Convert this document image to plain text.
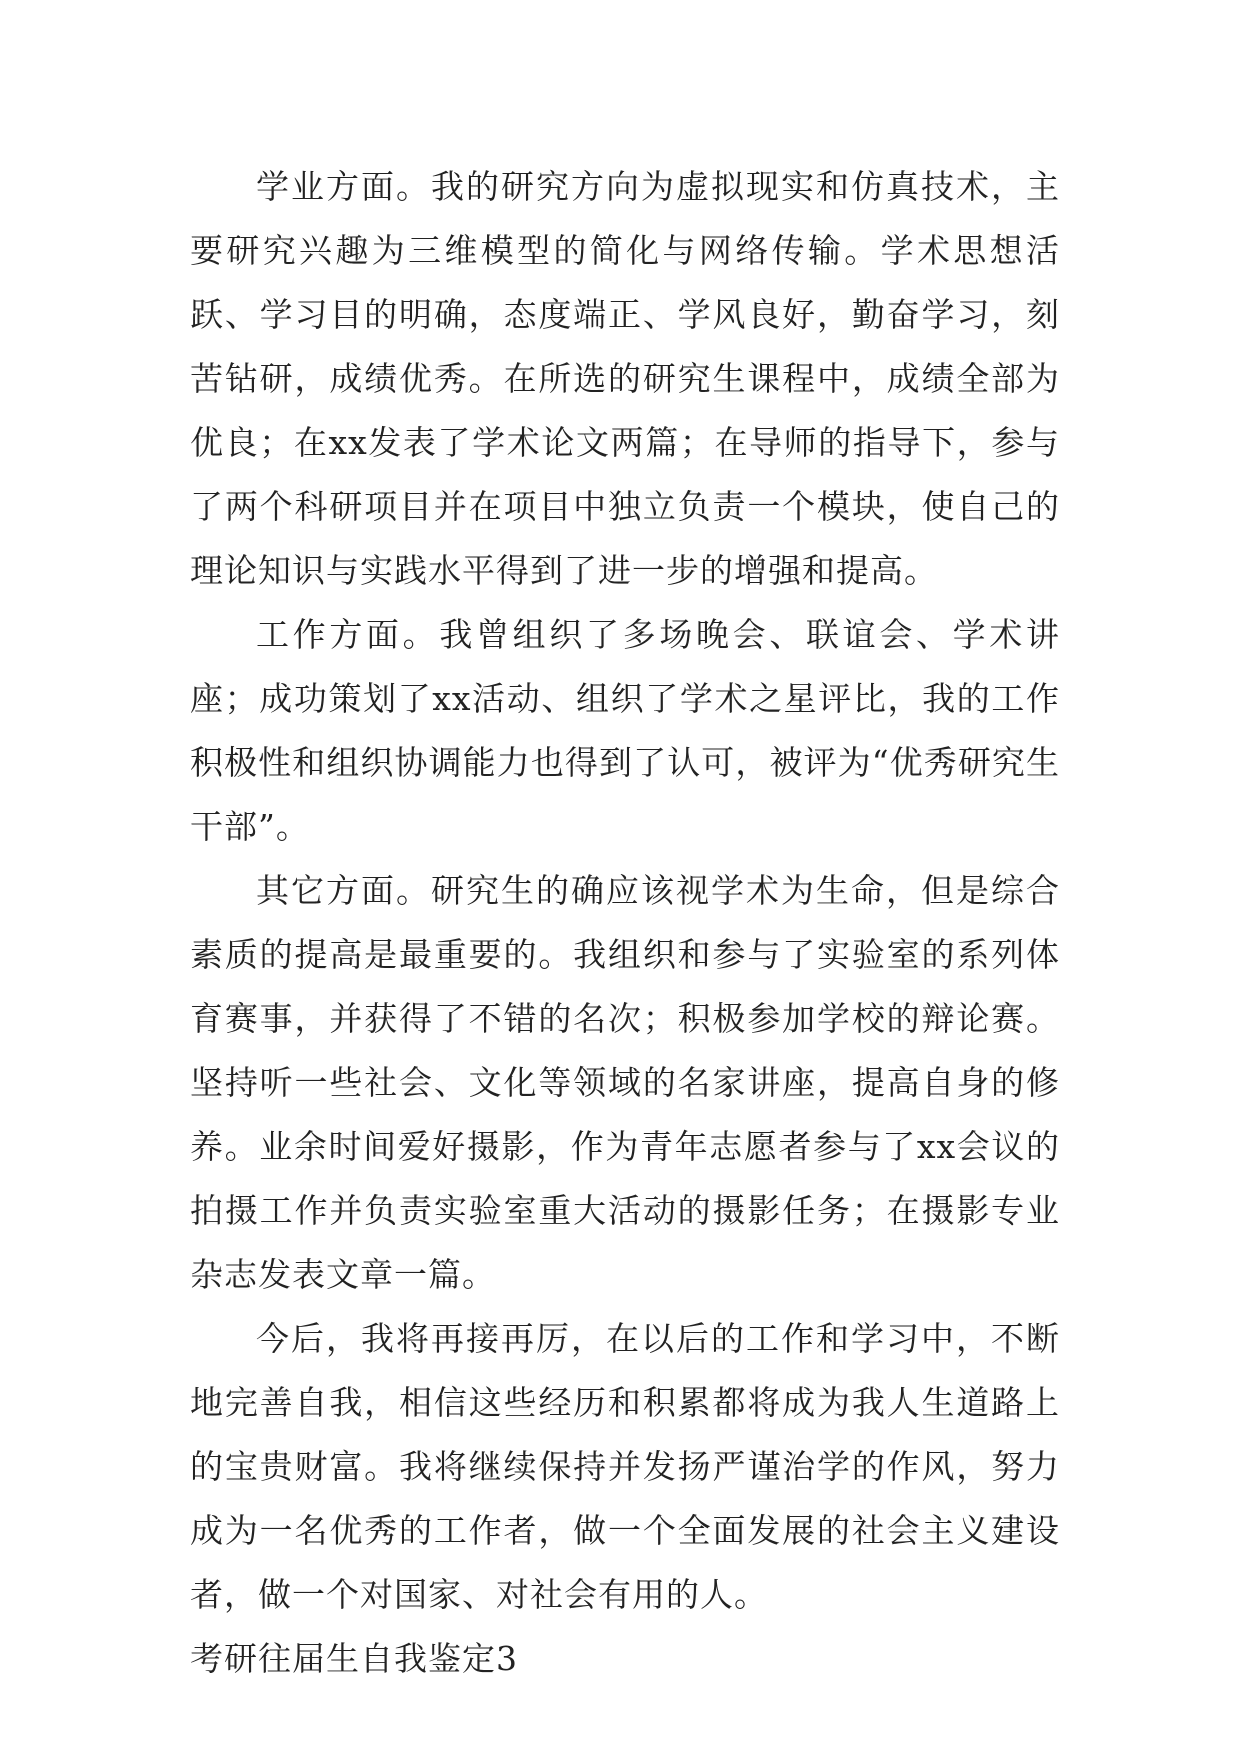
学业方面。我的研究方向为虚拟现实和仿真技术，主要研究兴趣为三维模型的简化与网络传输。学术思想活跃、学习目的明确，态度端正、学风良好，勤奋学习，刻苦钻研，成绩优秀。在所选的研究生课程中，成绩全部为优良；在xx发表了学术论文两篇；在导师的指导下，参与了两个科研项目并在项目中独立负责一个模块，使自己的理论知识与实践水平得到了进一步的增强和提高。

工作方面。我曾组织了多场晚会、联谊会、学术讲座；成功策划了xx活动、组织了学术之星评比，我的工作积极性和组织协调能力也得到了认可，被评为“优秀研究生干部”。

其它方面。研究生的确应该视学术为生命，但是综合素质的提高是最重要的。我组织和参与了实验室的系列体育赛事，并获得了不错的名次；积极参加学校的辩论赛。坚持听一些社会、文化等领域的名家讲座，提高自身的修养。业余时间爱好摄影，作为青年志愿者参与了xx会议的拍摄工作并负责实验室重大活动的摄影任务；在摄影专业杂志发表文章一篇。

今后，我将再接再厉，在以后的工作和学习中，不断地完善自我，相信这些经历和积累都将成为我人生道路上的宝贵财富。我将继续保持并发扬严谨治学的作风，努力成为一名优秀的工作者，做一个全面发展的社会主义建设者，做一个对国家、对社会有用的人。

考研往届生自我鉴定3
